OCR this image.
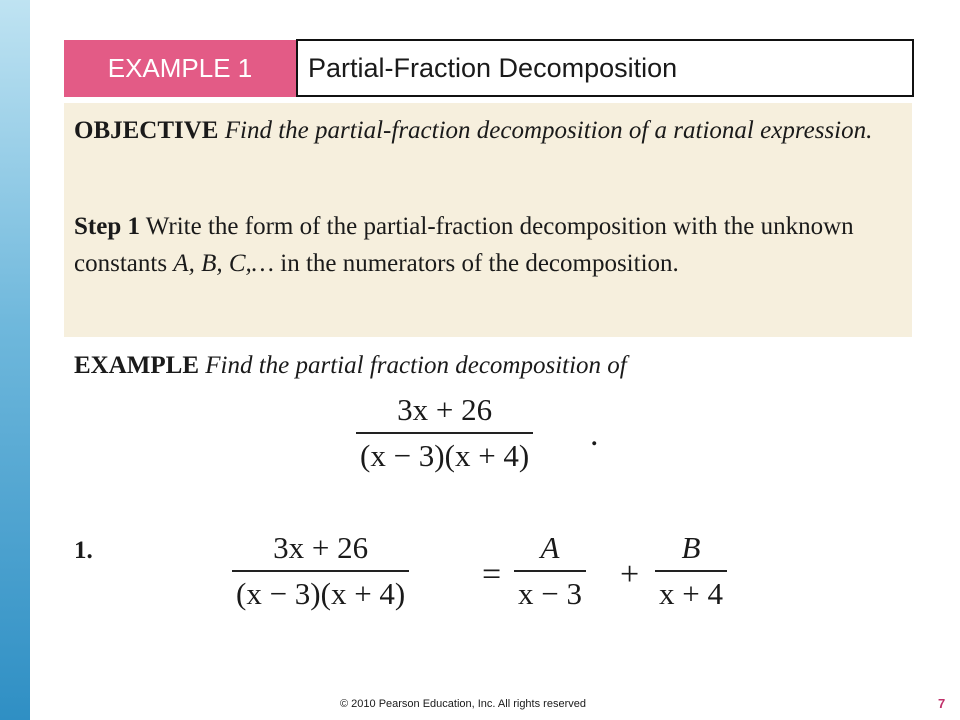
EXAMPLE 1	Partial-Fraction Decomposition
OBJECTIVE Find the partial-fraction decomposition of a rational expression.
Step 1 Write the form of the partial-fraction decomposition with the unknown constants A, B, C,… in the numerators of the decomposition.
EXAMPLE Find the partial fraction decomposition of
3x + 26
(x − 3)(x + 4)
.
1.	3x + 26
(x − 3)(x + 4) =
A
x − 3 +
B
x + 4
© 2010 Pearson Education, Inc. All rights reserved	7
